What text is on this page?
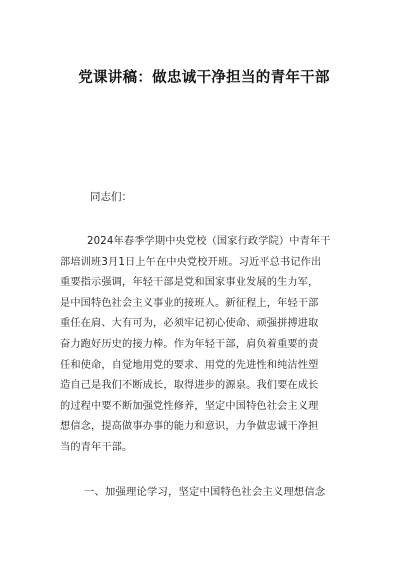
党课讲稿：做忠诚干净担当的青年干部
同志们：
2024年春季学期中央党校（国家行政学院）中青年干
部培训班3月1日上午在中央党校开班。习近平总书记作出
重要指示强调，年轻干部是党和国家事业发展的生力军，
是中国特色社会主义事业的接班人。新征程上，年轻干部
重任在肩、大有可为，必须牢记初心使命、顽强拼搏进取
奋力跑好历史的接力棒。作为年轻干部，肩负着重要的责
任和使命，自觉地用党的要求、用党的先进性和纯洁性塑
造自己是我们不断成长，取得进步的源泉。我们要在成长
的过程中要不断加强党性修养，坚定中国特色社会主义理
想信念，提高做事办事的能力和意识，力争做忠诚干净担
当的青年干部。
一、加强理论学习，坚定中国特色社会主义理想信念
